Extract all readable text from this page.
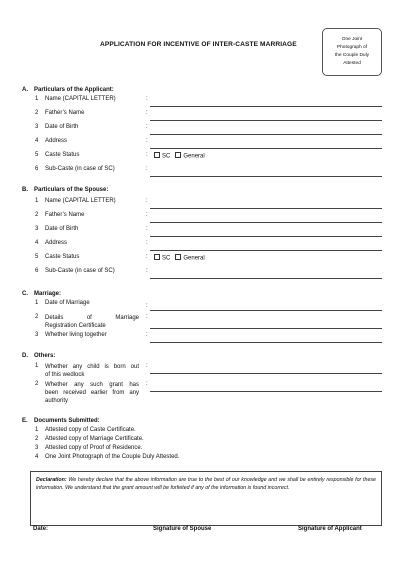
APPLICATION FOR INCENTIVE OF INTER-CASTE MARRIAGE
One Joint
Photograph of
the Couple Duly
Attested
A. Particulars of the Applicant:
1 Name (CAPITAL LETTER)	:
2 Father’s Name	:
3 Date of Birth	:
4 Address	:
5 Caste Status	:	SC General
6 Sub-Caste (in case of SC)	:
B. Particulars of the Spouse:
1 Name (CAPITAL LETTER)	:
2 Father’s Name	:
3 Date of Birth	:
4 Address	:
5 Caste Status	:	SC General
6 Sub-Caste (in case of SC)	:
C. Marriage:
1 Date of Marriage	:
2 Details of Marriage
Registration Certificate
:
3 Whether living together	:
D. Others:
1 Whether any child is born out
of this wedlock
:
2 Whether any such grant has
been received earlier from any
authority
:
E. Documents Submitted:
1 Attested copy of Caste Certificate.
2 Attested copy of Marriage Certificate.
3 Attested copy of Proof of Residence.
4 One Joint Photograph of the Couple Duly Attested.
Declaration: We hereby declare that the above information are true to the best of our knowledge and we shall be entirely responsible for these information. We understand that the grant amount will be forfeited if any of the information is found incorrect.
Date:	Signature of Spouse	Signature of Applicant
